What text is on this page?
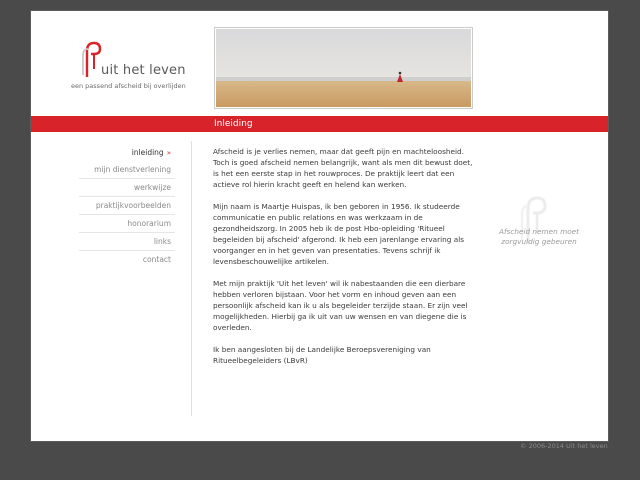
uit het leven
een passend afscheid bij overlijden
Inleiding
inleiding »
mijn dienstverlening
werkwijze
praktijkvoorbeelden
honorarium
links
contact

Afscheid is je verlies nemen, maar dat geeft pijn en machteloosheid. Toch is goed afscheid nemen belangrijk, want als men dit bewust doet, is het een eerste stap in het rouwproces. De praktijk leert dat een actieve rol hierin kracht geeft en helend kan werken.

Mijn naam is Maartje Huispas, ik ben geboren in 1956. Ik studeerde communicatie en public relations en was werkzaam in de gezondheidszorg. In 2005 heb ik de post Hbo-opleiding 'Ritueel begeleiden bij afscheid' afgerond. Ik heb een jarenlange ervaring als voorganger en in het geven van presentaties. Tevens schrijf ik levensbeschouwelijke artikelen.

Met mijn praktijk 'Uit het leven' wil ik nabestaanden die een dierbare hebben verloren bijstaan. Voor het vorm en inhoud geven aan een persoonlijk afscheid kan ik u als begeleider terzijde staan. Er zijn veel mogelijkheden. Hierbij ga ik uit van uw wensen en van diegene die is overleden.

Ik ben aangesloten bij de Landelijke Beroepsvereniging van Ritueelbegeleiders (LBvR)

Afscheid nemen moet zorgvuldig gebeuren
© 2006-2014 Uit het leven
